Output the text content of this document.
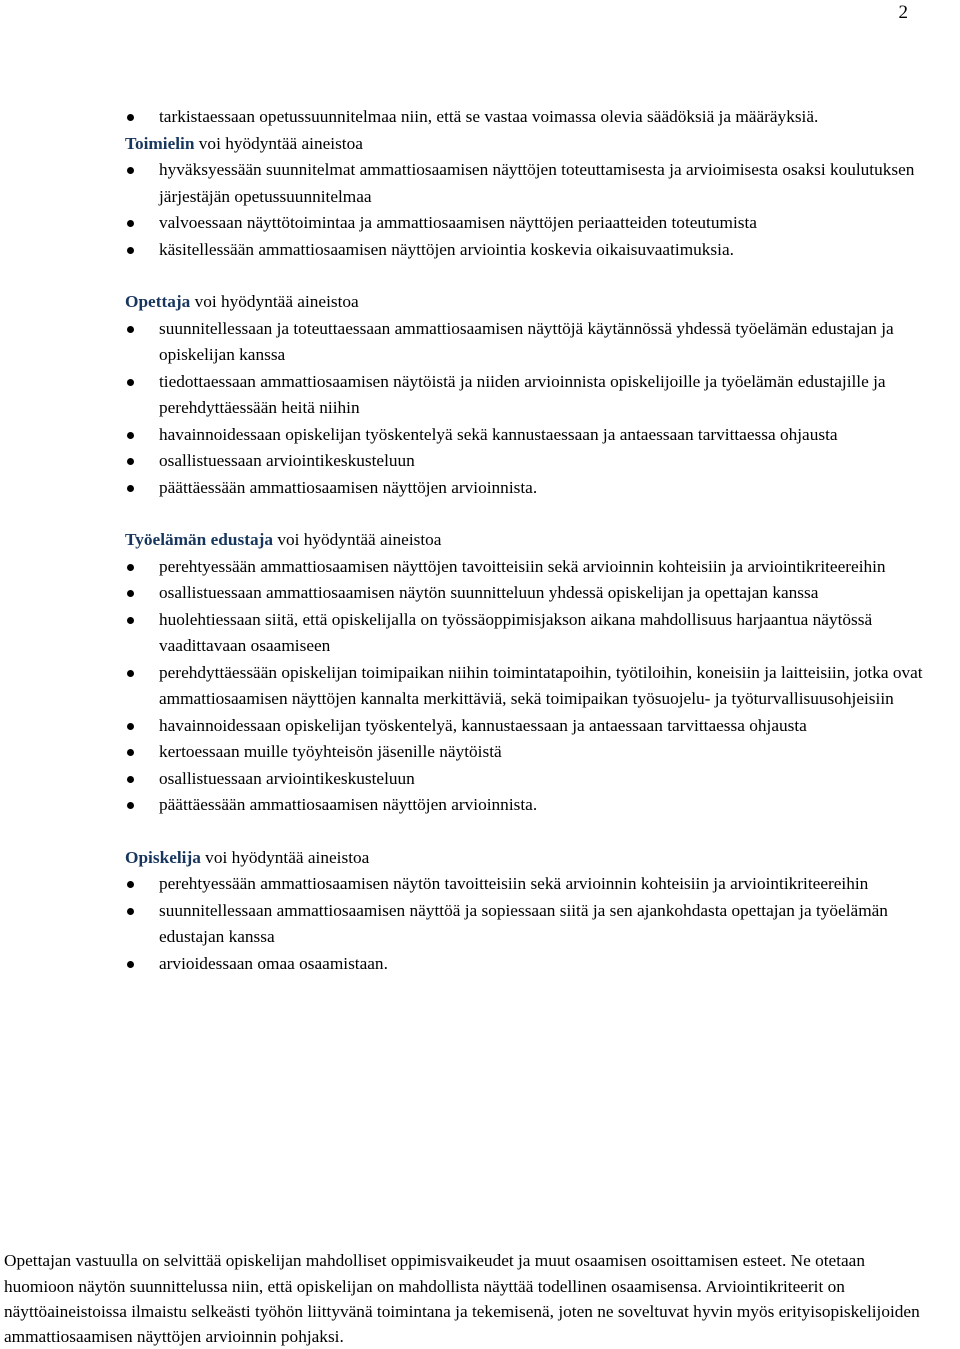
2
tarkistaessaan opetussuunnitelmaa niin, että se vastaa voimassa olevia säädöksiä ja määräyksiä.

Toimielin voi hyödyntää aineistoa

hyväksyessään suunnitelmat ammattiosaamisen näyttöjen toteuttamisesta ja arvioimisesta osaksi koulutuksen järjestäjän opetussuunnitelmaa
valvoessaan näyttötoimintaa ja ammattiosaamisen näyttöjen periaatteiden toteutumista
käsitellessään ammattiosaamisen näyttöjen arviointia koskevia oikaisuvaatimuksia.

Opettaja voi hyödyntää aineistoa

suunnitellessaan ja toteuttaessaan ammattiosaamisen näyttöjä käytännössä yhdessä työelämän edustajan ja opiskelijan kanssa
tiedottaessaan ammattiosaamisen näytöistä ja niiden arvioinnista opiskelijoille ja työelämän edustajille ja perehdyttäessään heitä niihin
havainnoidessaan opiskelijan työskentelyä sekä kannustaessaan ja antaessaan tarvittaessa ohjausta
osallistuessaan arviointikeskusteluun
päättäessään ammattiosaamisen näyttöjen arvioinnista.

Työelämän edustaja voi hyödyntää aineistoa

perehtyessään ammattiosaamisen näyttöjen tavoitteisiin sekä arvioinnin kohteisiin ja arviointikriteereihin
osallistuessaan ammattiosaamisen näytön suunnitteluun yhdessä opiskelijan ja opettajan kanssa
huolehtiessaan siitä, että opiskelijalla on työssäoppimisjakson aikana mahdollisuus harjaantua näytössä vaadittavaan osaamiseen
perehdyttäessään opiskelijan toimipaikan niihin toimintatapoihin, työtiloihin, koneisiin ja laitteisiin, jotka ovat ammattiosaamisen näyttöjen kannalta merkittäviä, sekä toimipaikan työsuojelu- ja työturvallisuusohjeisiin
havainnoidessaan opiskelijan työskentelyä, kannustaessaan ja antaessaan tarvittaessa ohjausta
kertoessaan muille työyhteisön jäsenille näytöistä
osallistuessaan arviointikeskusteluun
päättäessään ammattiosaamisen näyttöjen arvioinnista.

Opiskelija voi hyödyntää aineistoa

perehtyessään ammattiosaamisen näytön tavoitteisiin sekä arvioinnin kohteisiin ja arviointikriteereihin
suunnitellessaan ammattiosaamisen näyttöä ja sopiessaan siitä ja sen ajankohdasta opettajan ja työelämän edustajan kanssa
arvioidessaan omaa osaamistaan.

Opettajan vastuulla on selvittää opiskelijan mahdolliset oppimisvaikeudet ja muut osaamisen osoittamisen esteet. Ne otetaan huomioon näytön suunnittelussa niin, että opiskelijan on mahdollista näyttää todellinen osaamisensa. Arviointikriteerit on näyttöaineistoissa ilmaistu selkeästi työhön liittyvänä toimintana ja tekemisenä, joten ne soveltuvat hyvin myös erityisopiskelijoiden ammattiosaamisen näyttöjen arvioinnin pohjaksi.
